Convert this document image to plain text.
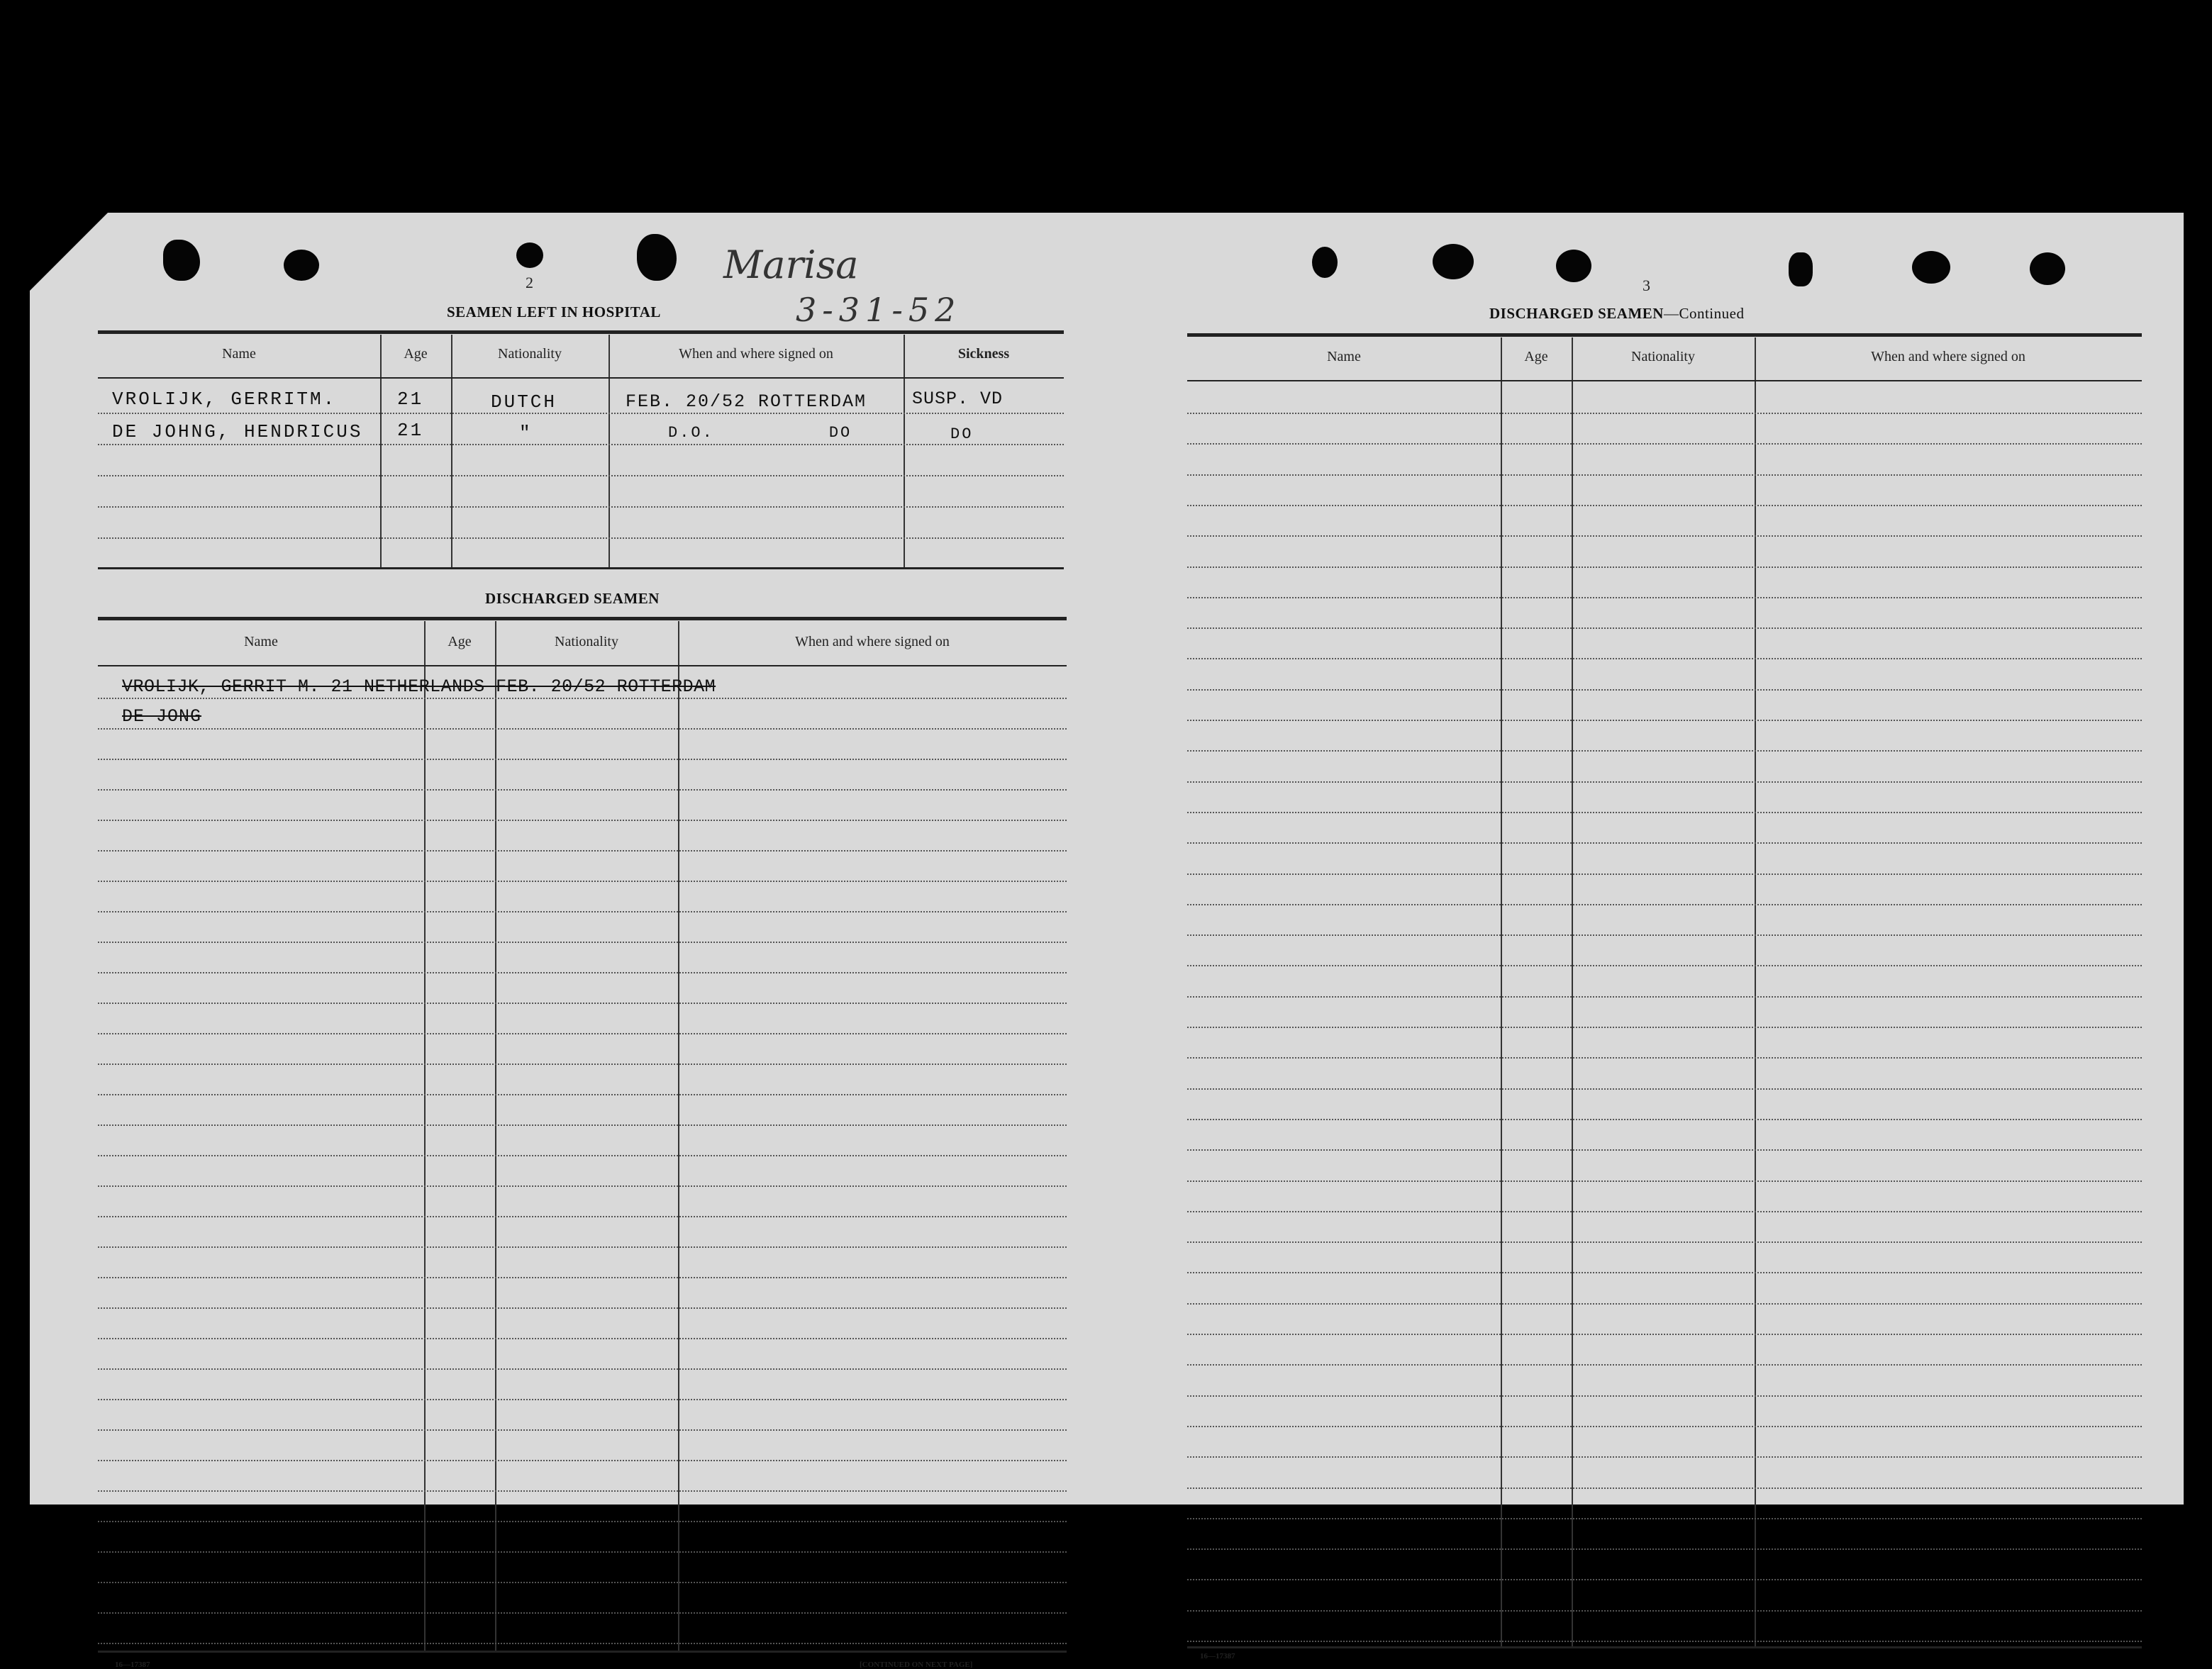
2	Marisa
3-31-52
SEAMEN LEFT IN HOSPITAL
Name	Age	Nationality	When and where signed on	Sickness
VROLIJK, GERRITM.	21	DUTCH	FEB. 20/52 ROTTERDAM	SUSP. VD
DE JOHNG, HENDRICUS 21	"	D.O.          DO	DO
DISCHARGED SEAMEN
Name	Age	Nationality	When and where signed on
VROLIJK, GERRIT M. 21 NETHERLANDS FEB. 20/52 ROTTERDAM
DE JONG
16—17387	[CONTINUED ON NEXT PAGE]
3
DISCHARGED SEAMEN—Continued
Name	Age	Nationality	When and where signed on
16—17387
